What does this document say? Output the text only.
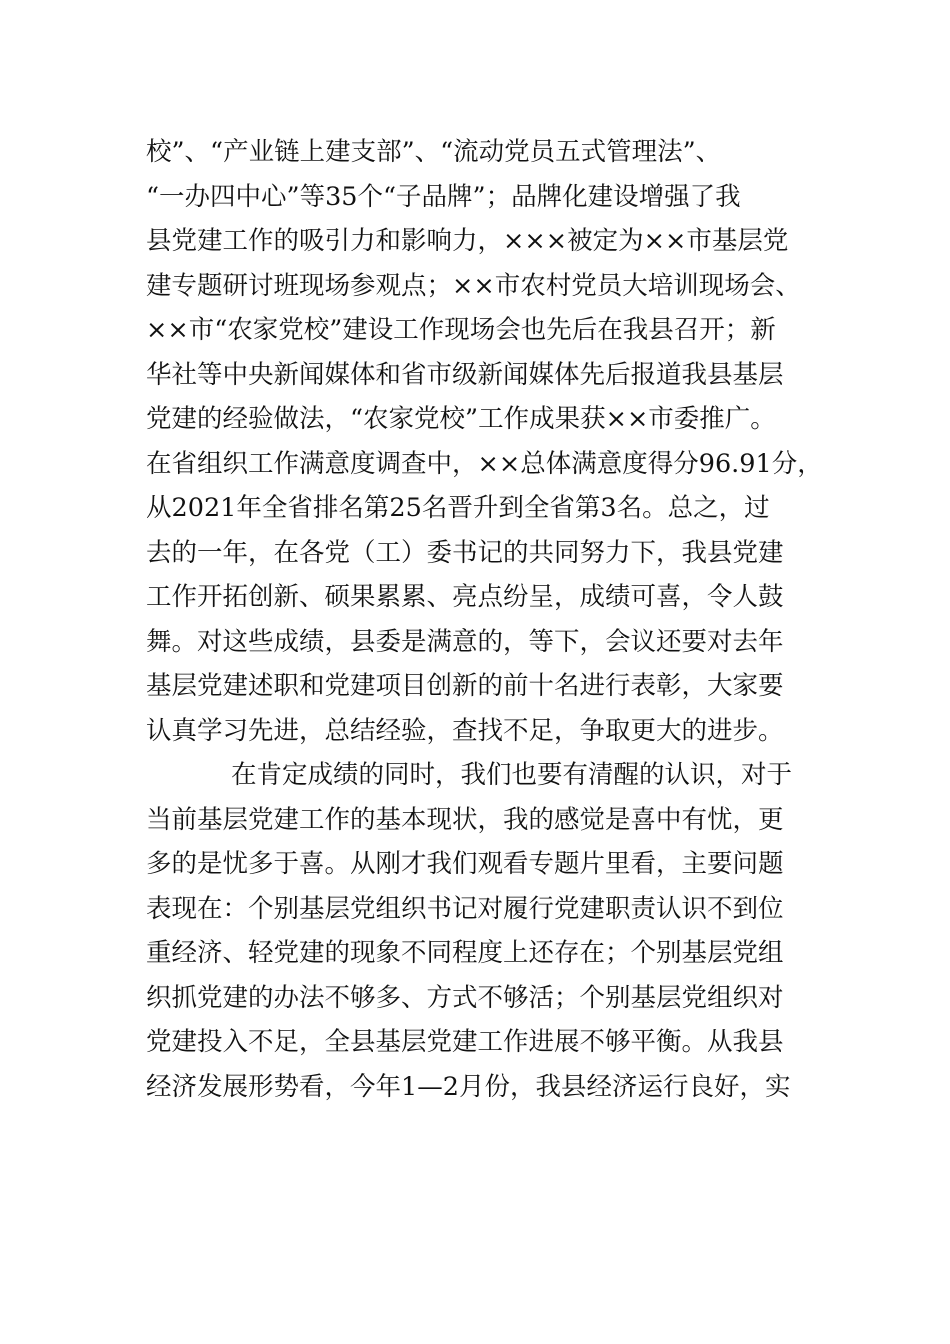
校”、“产业链上建支部”、“流动党员五式管理法”、
“一办四中心”等35个“子品牌”；品牌化建设增强了我
县党建工作的吸引力和影响力，×××被定为××市基层党
建专题研讨班现场参观点；××市农村党员大培训现场会、
××市“农家党校”建设工作现场会也先后在我县召开；新
华社等中央新闻媒体和省市级新闻媒体先后报道我县基层
党建的经验做法，“农家党校”工作成果获××市委推广。
在省组织工作满意度调查中，××总体满意度得分96.91分，
从2021年全省排名第25名晋升到全省第3名。总之，过
去的一年，在各党（工）委书记的共同努力下，我县党建
工作开拓创新、硕果累累、亮点纷呈，成绩可喜，令人鼓
舞。对这些成绩，县委是满意的，等下，会议还要对去年
基层党建述职和党建项目创新的前十名进行表彰，大家要
认真学习先进，总结经验，查找不足，争取更大的进步。
在肯定成绩的同时，我们也要有清醒的认识，对于
当前基层党建工作的基本现状，我的感觉是喜中有忧，更
多的是忧多于喜。从刚才我们观看专题片里看，主要问题
表现在：个别基层党组织书记对履行党建职责认识不到位
重经济、轻党建的现象不同程度上还存在；个别基层党组
织抓党建的办法不够多、方式不够活；个别基层党组织对
党建投入不足，全县基层党建工作进展不够平衡。从我县
经济发展形势看，今年1—2月份，我县经济运行良好，实
